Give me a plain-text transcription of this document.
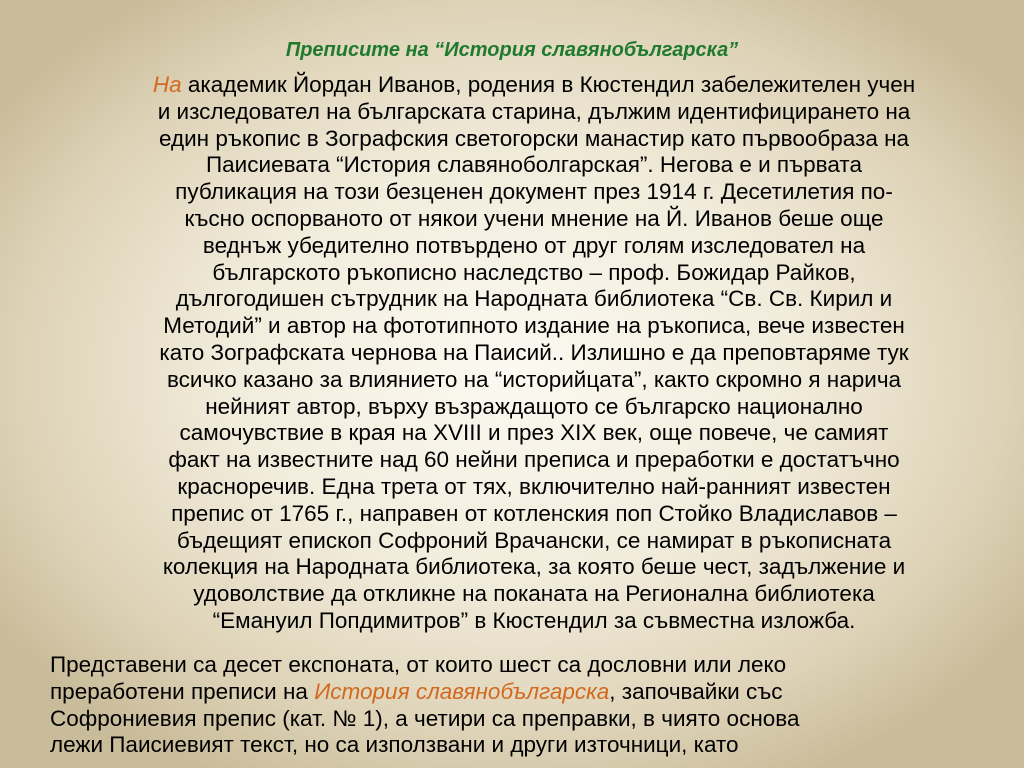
Преписите на “История славянобългарска”
На академик Йордан Иванов, родения в Кюстендил забележителен учен
и изследовател на българската старина, дължим идентифицирането на
един ръкопис в Зографския светогорски манастир като първообраза на
Паисиевата “История славяноболгарская”. Негова е и първата
публикация на този безценен документ през 1914 г. Десетилетия по-
късно оспорваното от някои учени мнение на Й. Иванов беше още
веднъж убедително потвърдено от друг голям изследовател на
българското ръкописно наследство – проф. Божидар Райков,
дългогодишен сътрудник на Народната библиотека “Св. Св. Кирил и
Методий” и автор на фототипното издание на ръкописа, вече известен
като Зографската чернова на Паисий.. Излишно е да преповтаряме тук
всичко казано за влиянието на “историйцата”, както скромно я нарича
нейният автор, върху възраждащото се българско национално
самочувствие в края на XVIII и през XIX век, още повече, че самият
факт на известните над 60 нейни преписа и преработки е достатъчно
красноречив. Една трета от тях, включително най-ранният известен
препис от 1765 г., направен от котленския поп Стойко Владиславов –
бъдещият епископ Софроний Врачански, се намират в ръкописната
колекция на Народната библиотека, за която беше чест, задължение и
удоволствие да откликне на поканата на Регионална библиотека
“Емануил Попдимитров” в Кюстендил за съвместна изложба.
Представени са десет експоната, от които шест са дословни или леко
преработени преписи на История славянобългарска, започвайки със
Софрониевия препис (кат. № 1), а четири са преправки, в чиято основа
лежи Паисиевият текст, но са използвани и други източници, като
